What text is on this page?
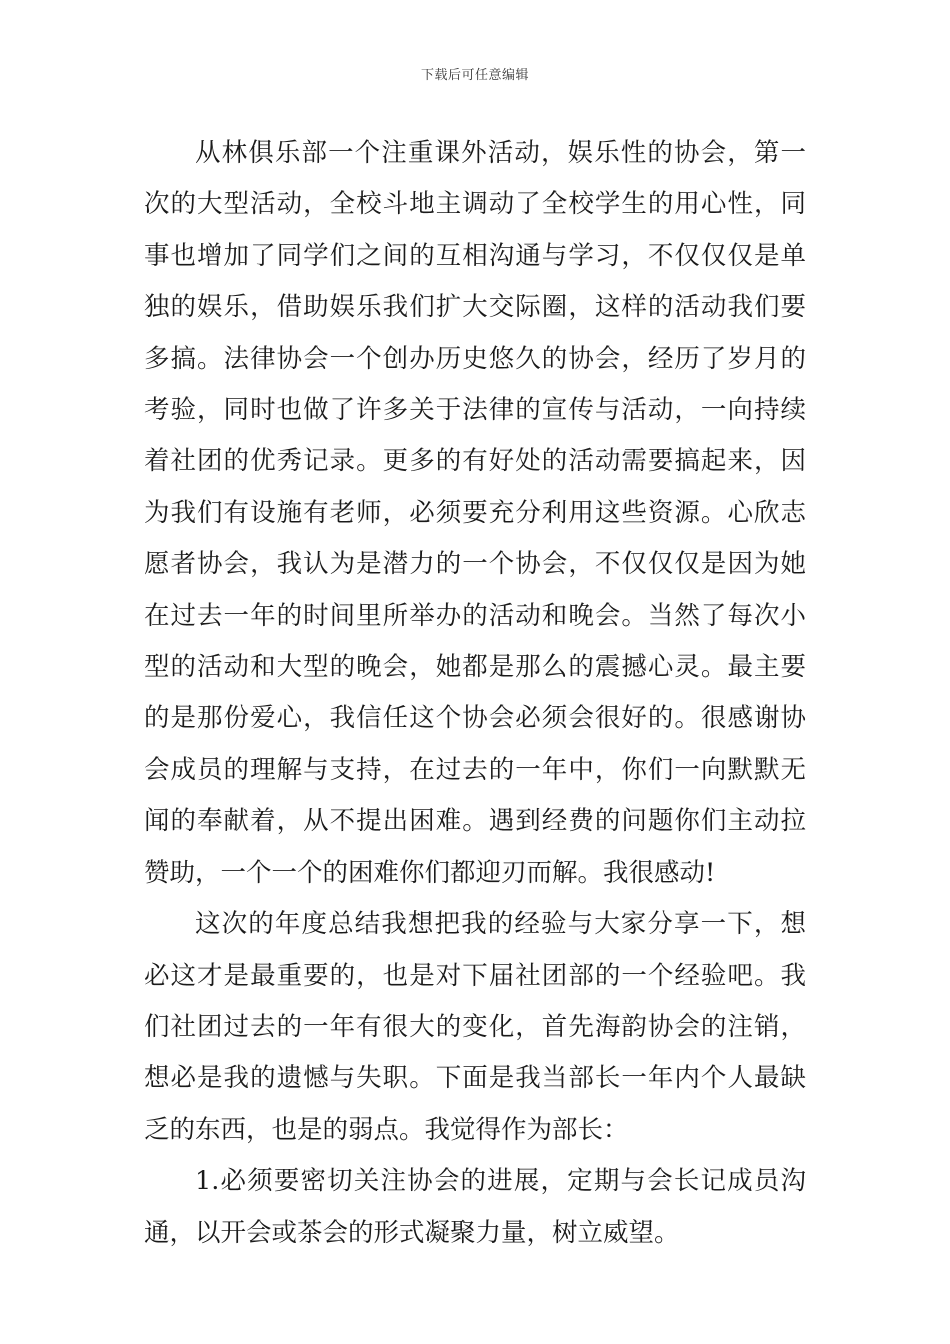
下载后可任意编辑

从林俱乐部一个注重课外活动，娱乐性的协会，第一次的大型活动，全校斗地主调动了全校学生的用心性，同事也增加了同学们之间的互相沟通与学习，不仅仅仅是单独的娱乐，借助娱乐我们扩大交际圈，这样的活动我们要多搞。法律协会一个创办历史悠久的协会，经历了岁月的考验，同时也做了许多关于法律的宣传与活动，一向持续着社团的优秀记录。更多的有好处的活动需要搞起来，因为我们有设施有老师，必须要充分利用这些资源。心欣志愿者协会，我认为是潜力的一个协会，不仅仅仅是因为她在过去一年的时间里所举办的活动和晚会。当然了每次小型的活动和大型的晚会，她都是那么的震撼心灵。最主要的是那份爱心，我信任这个协会必须会很好的。很感谢协会成员的理解与支持，在过去的一年中，你们一向默默无闻的奉献着，从不提出困难。遇到经费的问题你们主动拉赞助，一个一个的困难你们都迎刃而解。我很感动!

这次的年度总结我想把我的经验与大家分享一下，想必这才是最重要的，也是对下届社团部的一个经验吧。我们社团过去的一年有很大的变化，首先海韵协会的注销，想必是我的遗憾与失职。下面是我当部长一年内个人最缺乏的东西，也是的弱点。我觉得作为部长：

1.必须要密切关注协会的进展，定期与会长记成员沟通，以开会或茶会的形式凝聚力量，树立威望。
